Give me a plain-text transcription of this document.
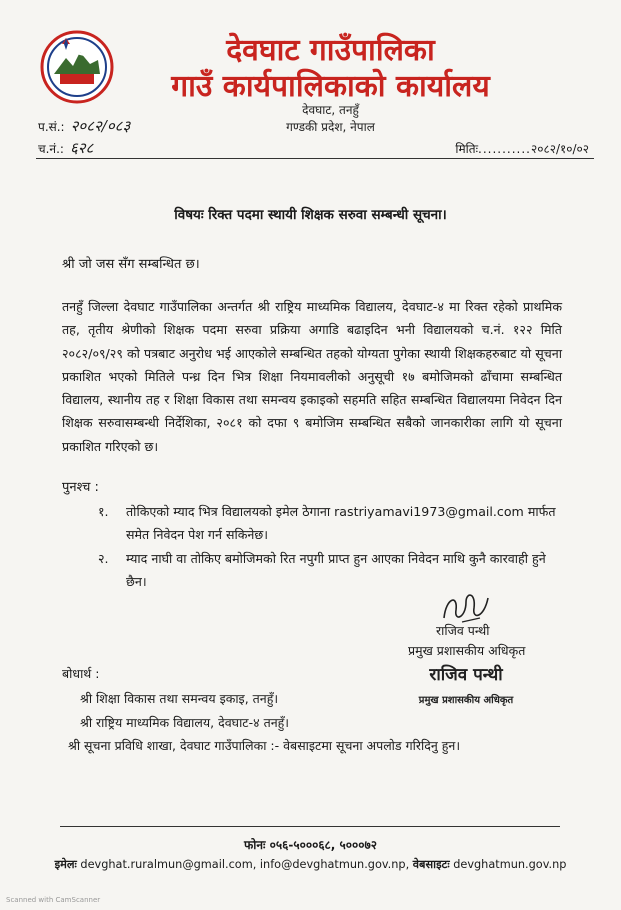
देवघाट गाउँपालिका
गाउँ कार्यपालिकाको कार्यालय
देवघाट, तनहुँ
गण्डकी प्रदेश, नेपाल
प.सं.: २०८२/०८३
च.नं.: ६२८	मितिः...........२०८२/१०/०२
विषयः रिक्त पदमा स्थायी शिक्षक सरुवा सम्बन्धी सूचना।
श्री जो जस सँग सम्बन्धित छ।
तनहुँ जिल्ला देवघाट गाउँपालिका अन्तर्गत श्री राष्ट्रिय माध्यमिक विद्यालय, देवघाट-४ मा रिक्त रहेको प्राथमिक तह, तृतीय श्रेणीको शिक्षक पदमा सरुवा प्रक्रिया अगाडि बढाइदिन भनी विद्यालयको च.नं. १२२ मिति २०८२/०९/२९ को पत्रबाट अनुरोध भई आएकोले सम्बन्धित तहको योग्यता पुगेका स्थायी शिक्षकहरुबाट यो सूचना प्रकाशित भएको मितिले पन्ध्र दिन भित्र शिक्षा नियमावलीको अनुसूची १७ बमोजिमको ढाँचामा सम्बन्धित विद्यालय, स्थानीय तह र शिक्षा विकास तथा समन्वय इकाइको सहमति सहित सम्बन्धित विद्यालयमा निवेदन दिन शिक्षक सरुवासम्बन्धी निर्देशिका, २०८१ को दफा ९ बमोजिम सम्बन्धित सबैको जानकारीका लागि यो सूचना प्रकाशित गरिएको छ।
पुनश्च :
१.	तोकिएको म्याद भित्र विद्यालयको इमेल ठेगाना rastriyamavi1973@gmail.com मार्फत समेत निवेदन पेश गर्न सकिनेछ।
२.	म्याद नाघी वा तोकिए बमोजिमको रित नपुगी प्राप्त हुन आएका निवेदन माथि कुनै कारवाही हुने छैन।
राजिव पन्थी
प्रमुख प्रशासकीय अधिकृत
राजिव पन्थी
प्रमुख प्रशासकीय अधिकृत
बोधार्थ :
श्री शिक्षा विकास तथा समन्वय इकाइ, तनहुँ।
श्री राष्ट्रिय माध्यमिक विद्यालय, देवघाट-४ तनहुँ।
श्री सूचना प्रविधि शाखा, देवघाट गाउँपालिका :- वेबसाइटमा सूचना अपलोड गरिदिनु हुन।
फोनः ०५६-५०००६८, ५०००७२
इमेलः devghat.ruralmun@gmail.com, info@devghatmun.gov.np, वेबसाइटः devghatmun.gov.np
Scanned with CamScanner
